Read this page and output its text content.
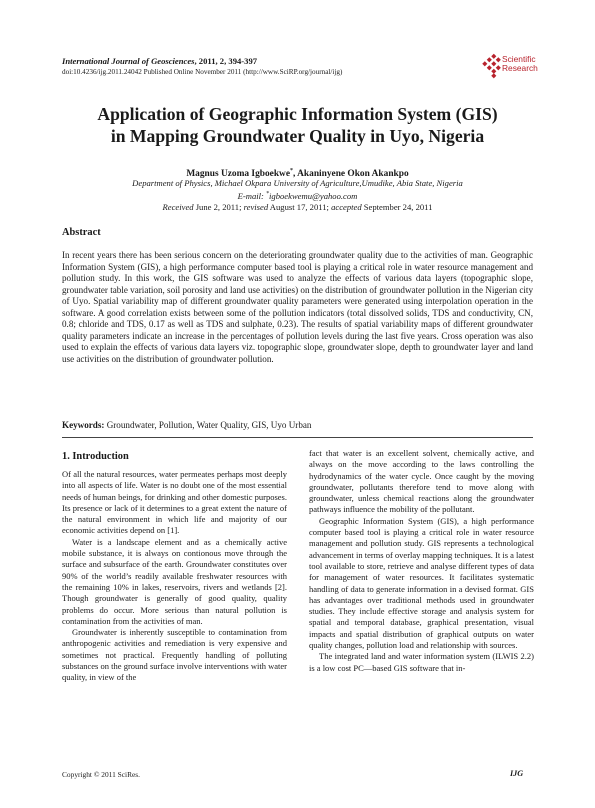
International Journal of Geosciences, 2011, 2, 394-397
doi:10.4236/ijg.2011.24042 Published Online November 2011 (http://www.SciRP.org/journal/ijg)
Scientific
Research
Application of Geographic Information System (GIS)
in Mapping Groundwater Quality in Uyo, Nigeria
Magnus Uzoma Igboekwe*, Akaninyene Okon Akankpo
Department of Physics, Michael Okpara University of Agriculture,Umudike, Abia State, Nigeria
E-mail: *igboekwemu@yahoo.com
Received June 2, 2011; revised August 17, 2011; accepted September 24, 2011
Abstract

In recent years there has been serious concern on the deteriorating groundwater quality due to the activities of man. Geographic Information System (GIS), a high performance computer based tool is playing a critical role in water resource management and pollution study. In this work, the GIS software was used to analyze the effects of various data layers (topographic slope, groundwater table variation, soil porosity and land use activities) on the distribution of groundwater pollution in the Nigerian city of Uyo. Spatial variability map of different groundwater quality parameters were generated using interpolation operation in the software. A good correlation exists between some of the pollution indicators (total dissolved solids, TDS and conductivity, CN, 0.8; chloride and TDS, 0.17 as well as TDS and sulphate, 0.23). The results of spatial variability maps of different groundwater quality parameters indicate an increase in the percentages of pollution levels during the last five years. Cross operation was also used to explain the effects of various data layers viz. topographic slope, groundwater slope, depth to groundwater layer and land use activities on the distribution of groundwater pollution.

Keywords: Groundwater, Pollution, Water Quality, GIS, Uyo Urban
1. Introduction

Of all the natural resources, water permeates perhaps most deeply into all aspects of life. Water is no doubt one of the most essential needs of human beings, for drinking and other domestic purposes. Its presence or lack of it determines to a great extent the nature of the natural environment in which life and majority of our economic activities depend on [1].

Water is a landscape element and as a chemically active mobile substance, it is always on contionous move through the surface and subsurface of the earth. Groundwater constitutes over 90% of the world’s readily available freshwater resources with the remaining 10% in lakes, reservoirs, rivers and wetlands [2]. Though groundwater is generally of good quality, quality problems do occur. More serious than natural pollution is contamination from the activities of man.

Groundwater is inherently susceptible to contamination from anthropogenic activities and remediation is very expensive and sometimes not practical. Frequently handling of polluting substances on the ground surface involve interventions with water quality, in view of the

fact that water is an excellent solvent, chemically active, and always on the move according to the laws controlling the hydrodynamics of the water cycle. Once caught by the moving groundwater, pollutants therefore tend to move along with groundwater, unless chemical reactions along the groundwater pathways influence the mobility of the pollutant.

Geographic Information System (GIS), a high performance computer based tool is playing a critical role in water resource management and pollution study. GIS represents a technological advancement in terms of overlay mapping techniques. It is a latest tool available to store, retrieve and analyse different types of data for management of water resources. It facilitates systematic handling of data to generate information in a devised format. GIS has advantages over traditional methods used in groundwater studies. They include effective storage and analysis system for spatial and temporal database, graphical presentation, visual impacts and spatial distribution of graphical outputs on water quality changes, pollution load and relationship with sources.

The integrated land and water information system (ILWIS 2.2) is a low cost PC—based GIS software that in-

Copyright © 2011 SciRes.	IJG
